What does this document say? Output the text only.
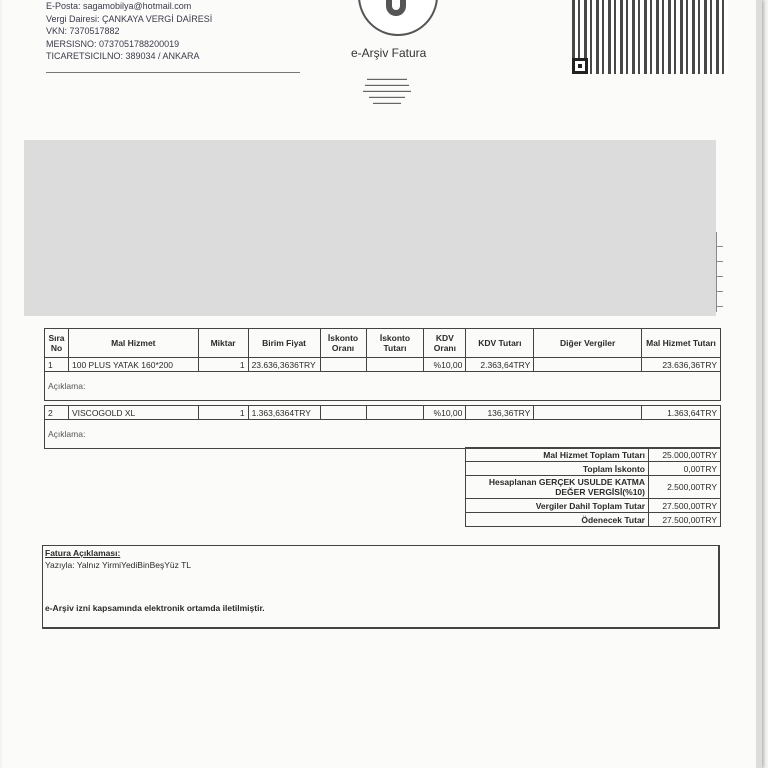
E-Posta: sagamobilya@hotmail.com
Vergi Dairesi: ÇANKAYA VERGİ DAİRESİ
VKN: 7370517882
MERSISNO: 0737051788200019
TICARETSICILNO: 389034 / ANKARA	e-Arşiv Fatura
▬▬▬▬▬▬▬▬▬▬
▬▬▬▬▬▬▬▬▬▬▬
▬▬▬▬▬▬▬▬▬▬▬▬
▬▬▬▬▬▬▬▬▬
▬▬▬▬▬▬▬
Sıra No	Mal Hizmet	Miktar	Birim Fiyat	İskonto Oranı	İskonto Tutarı	KDV Oranı	KDV Tutarı	Diğer Vergiler	Mal Hizmet Tutarı
1	100 PLUS YATAK 160*200	1	23.636,3636TRY			%10,00	2.363,64TRY		23.636,36TRY
Açıklama:									

2	VISCOGOLD XL	1	1.363,6364TRY			%10,00	136,36TRY		1.363,64TRY
Açıklama:									
Mal Hizmet Toplam Tutarı	25.000,00TRY
Toplam İskonto	0,00TRY
Hesaplanan GERÇEK USULDE KATMA DEĞER VERGİSİ(%10)	2.500,00TRY
Vergiler Dahil Toplam Tutar	27.500,00TRY
Ödenecek Tutar	27.500,00TRY
Fatura Açıklaması:
Yazıyla: Yalnız YirmiYediBinBeşYüz TL
e-Arşiv izni kapsamında elektronik ortamda iletilmiştir.
